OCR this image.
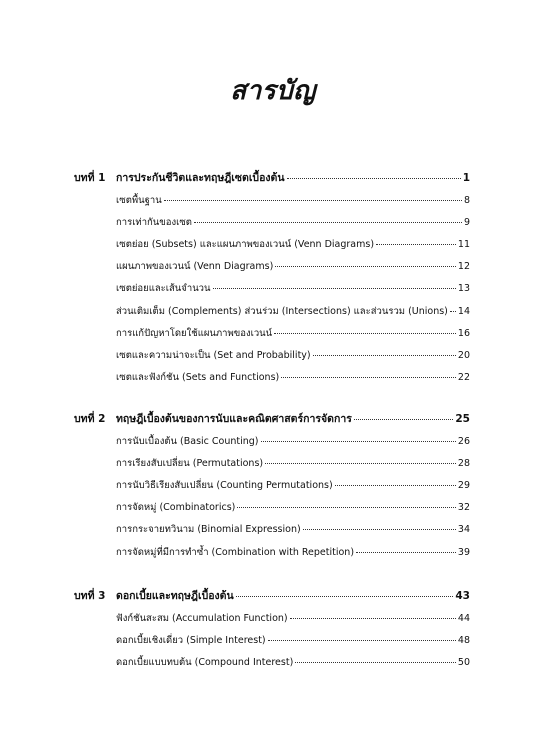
สารบัญ
บทที่ 1 การประกันชีวิตและทฤษฎีเซตเบื้องต้น	1
เซตพื้นฐาน	8
การเท่ากันของเซต	9
เซตย่อย (Subsets) และแผนภาพของเวนน์ (Venn Diagrams)	11
แผนภาพของเวนน์ (Venn Diagrams)	12
เซตย่อยและเส้นจำนวน	13
ส่วนเติมเต็ม (Complements) ส่วนร่วม (Intersections) และส่วนรวม (Unions) 14
การแก้ปัญหาโดยใช้แผนภาพของเวนน์	16
เซตและความน่าจะเป็น (Set and Probability)	20
เซตและฟังก์ชัน (Sets and Functions)	22
บทที่ 2 ทฤษฎีเบื้องต้นของการนับและคณิตศาสตร์การจัดการ	25
การนับเบื้องต้น (Basic Counting)	26
การเรียงสับเปลี่ยน (Permutations)	28
การนับวิธีเรียงสับเปลี่ยน (Counting Permutations)	29
การจัดหมู่ (Combinatorics)	32
การกระจายทวินาม (Binomial Expression)	34
การจัดหมู่ที่มีการทำซ้ำ (Combination with Repetition)	39
บทที่ 3 ดอกเบี้ยและทฤษฎีเบื้องต้น	43
ฟังก์ชันสะสม (Accumulation Function)	44
ดอกเบี้ยเชิงเดี่ยว (Simple Interest)	48
ดอกเบี้ยแบบทบต้น (Compound Interest)	50
